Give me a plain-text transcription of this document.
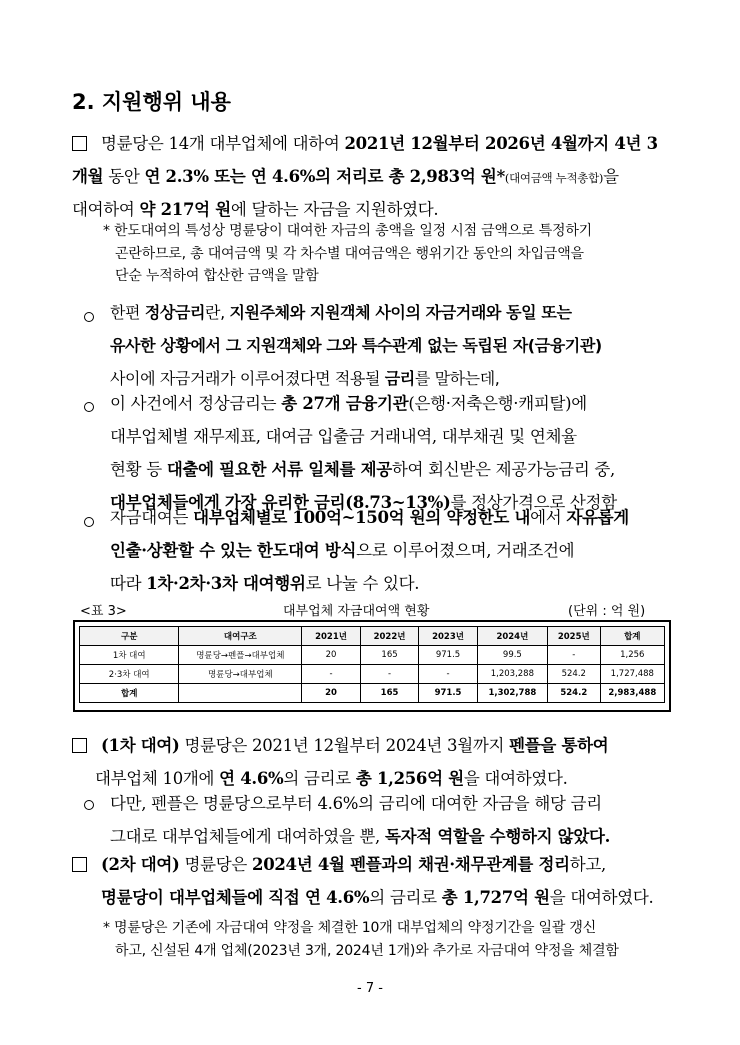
2. 지원행위 내용
명륜당은 14개 대부업체에 대하여 2021년 12월부터 2026년 4월까지 4년 3
개월 동안 연 2.3% 또는 연 4.6%의 저리로 총 2,983억 원*(대여금액 누적총합)을
대여하여 약 217억 원에 달하는 자금을 지원하였다.
* 한도대여의 특성상 명륜당이 대여한 자금의 총액을 일정 시점 금액으로 특정하기
곤란하므로, 총 대여금액 및 각 차수별 대여금액은 행위기간 동안의 차입금액을
단순 누적하여 합산한 금액을 말함
한편 정상금리란, 지원주체와 지원객체 사이의 자금거래와 동일 또는
유사한 상황에서 그 지원객체와 그와 특수관계 없는 독립된 자(금융기관)
사이에 자금거래가 이루어졌다면 적용될 금리를 말하는데,
이 사건에서 정상금리는 총 27개 금융기관(은행·저축은행·캐피탈)에
대부업체별 재무제표, 대여금 입출금 거래내역, 대부채권 및 연체율
현황 등 대출에 필요한 서류 일체를 제공하여 회신받은 제공가능금리 중,
대부업체들에게 가장 유리한 금리(8.73~13%)를 정상가격으로 산정함
자금대여는 대부업체별로 100억~150억 원의 약정한도 내에서 자유롭게
인출·상환할 수 있는 한도대여 방식으로 이루어졌으며, 거래조건에
따라 1차·2차·3차 대여행위로 나눌 수 있다.
<표 3>	대부업체 자금대여액 현황	(단위 : 억 원)
구분	대여구조	2021년	2022년	2023년	2024년	2025년	합계
1차 대여	명륜당→펜플→대부업체	20	165	971.5	99.5	-	1,256
2·3차 대여	명륜당→대부업체	-	-	-	1,203,288	524.2	1,727,488
합계		20	165	971.5	1,302,788	524.2	2,983,488
(1차 대여) 명륜당은 2021년 12월부터 2024년 3월까지 펜플을 통하여
대부업체 10개에 연 4.6%의 금리로 총 1,256억 원을 대여하였다.
다만, 펜플은 명륜당으로부터 4.6%의 금리에 대여한 자금을 해당 금리
그대로 대부업체들에게 대여하였을 뿐, 독자적 역할을 수행하지 않았다.
(2차 대여) 명륜당은 2024년 4월 펜플과의 채권·채무관계를 정리하고,
명륜당이 대부업체들에 직접 연 4.6%의 금리로 총 1,727억 원을 대여하였다.
* 명륜당은 기존에 자금대여 약정을 체결한 10개 대부업체의 약정기간을 일괄 갱신
하고, 신설된 4개 업체(2023년 3개, 2024년 1개)와 추가로 자금대여 약정을 체결함
- 7 -
